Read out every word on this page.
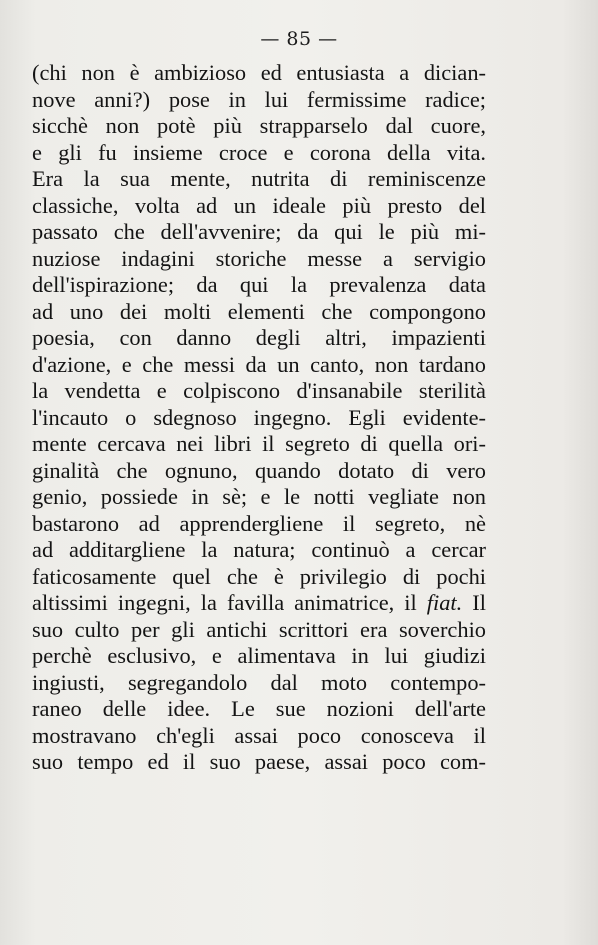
— 85 —
(chi non è ambizioso ed entusiasta a dician-
nove anni?) pose in lui fermissime radice;
sicchè non potè più strapparselo dal cuore,
e gli fu insieme croce e corona della vita.
Era la sua mente, nutrita di reminiscenze
classiche, volta ad un ideale più presto del
passato che dell'avvenire; da qui le più mi-
nuziose indagini storiche messe a servigio
dell'ispirazione; da qui la prevalenza data
ad uno dei molti elementi che compongono
poesia, con danno degli altri, impazienti
d'azione, e che messi da un canto, non tardano
la vendetta e colpiscono d'insanabile sterilità
l'incauto o sdegnoso ingegno. Egli evidente-
mente cercava nei libri il segreto di quella ori-
ginalità che ognuno, quando dotato di vero
genio, possiede in sè; e le notti vegliate non
bastarono ad apprendergliene il segreto, nè
ad additargliene la natura; continuò a cercar
faticosamente quel che è privilegio di pochi
altissimi ingegni, la favilla animatrice, il fiat. Il
suo culto per gli antichi scrittori era soverchio
perchè esclusivo, e alimentava in lui giudizi
ingiusti, segregandolo dal moto contempo-
raneo delle idee. Le sue nozioni dell'arte
mostravano ch'egli assai poco conosceva il
suo tempo ed il suo paese, assai poco com-
